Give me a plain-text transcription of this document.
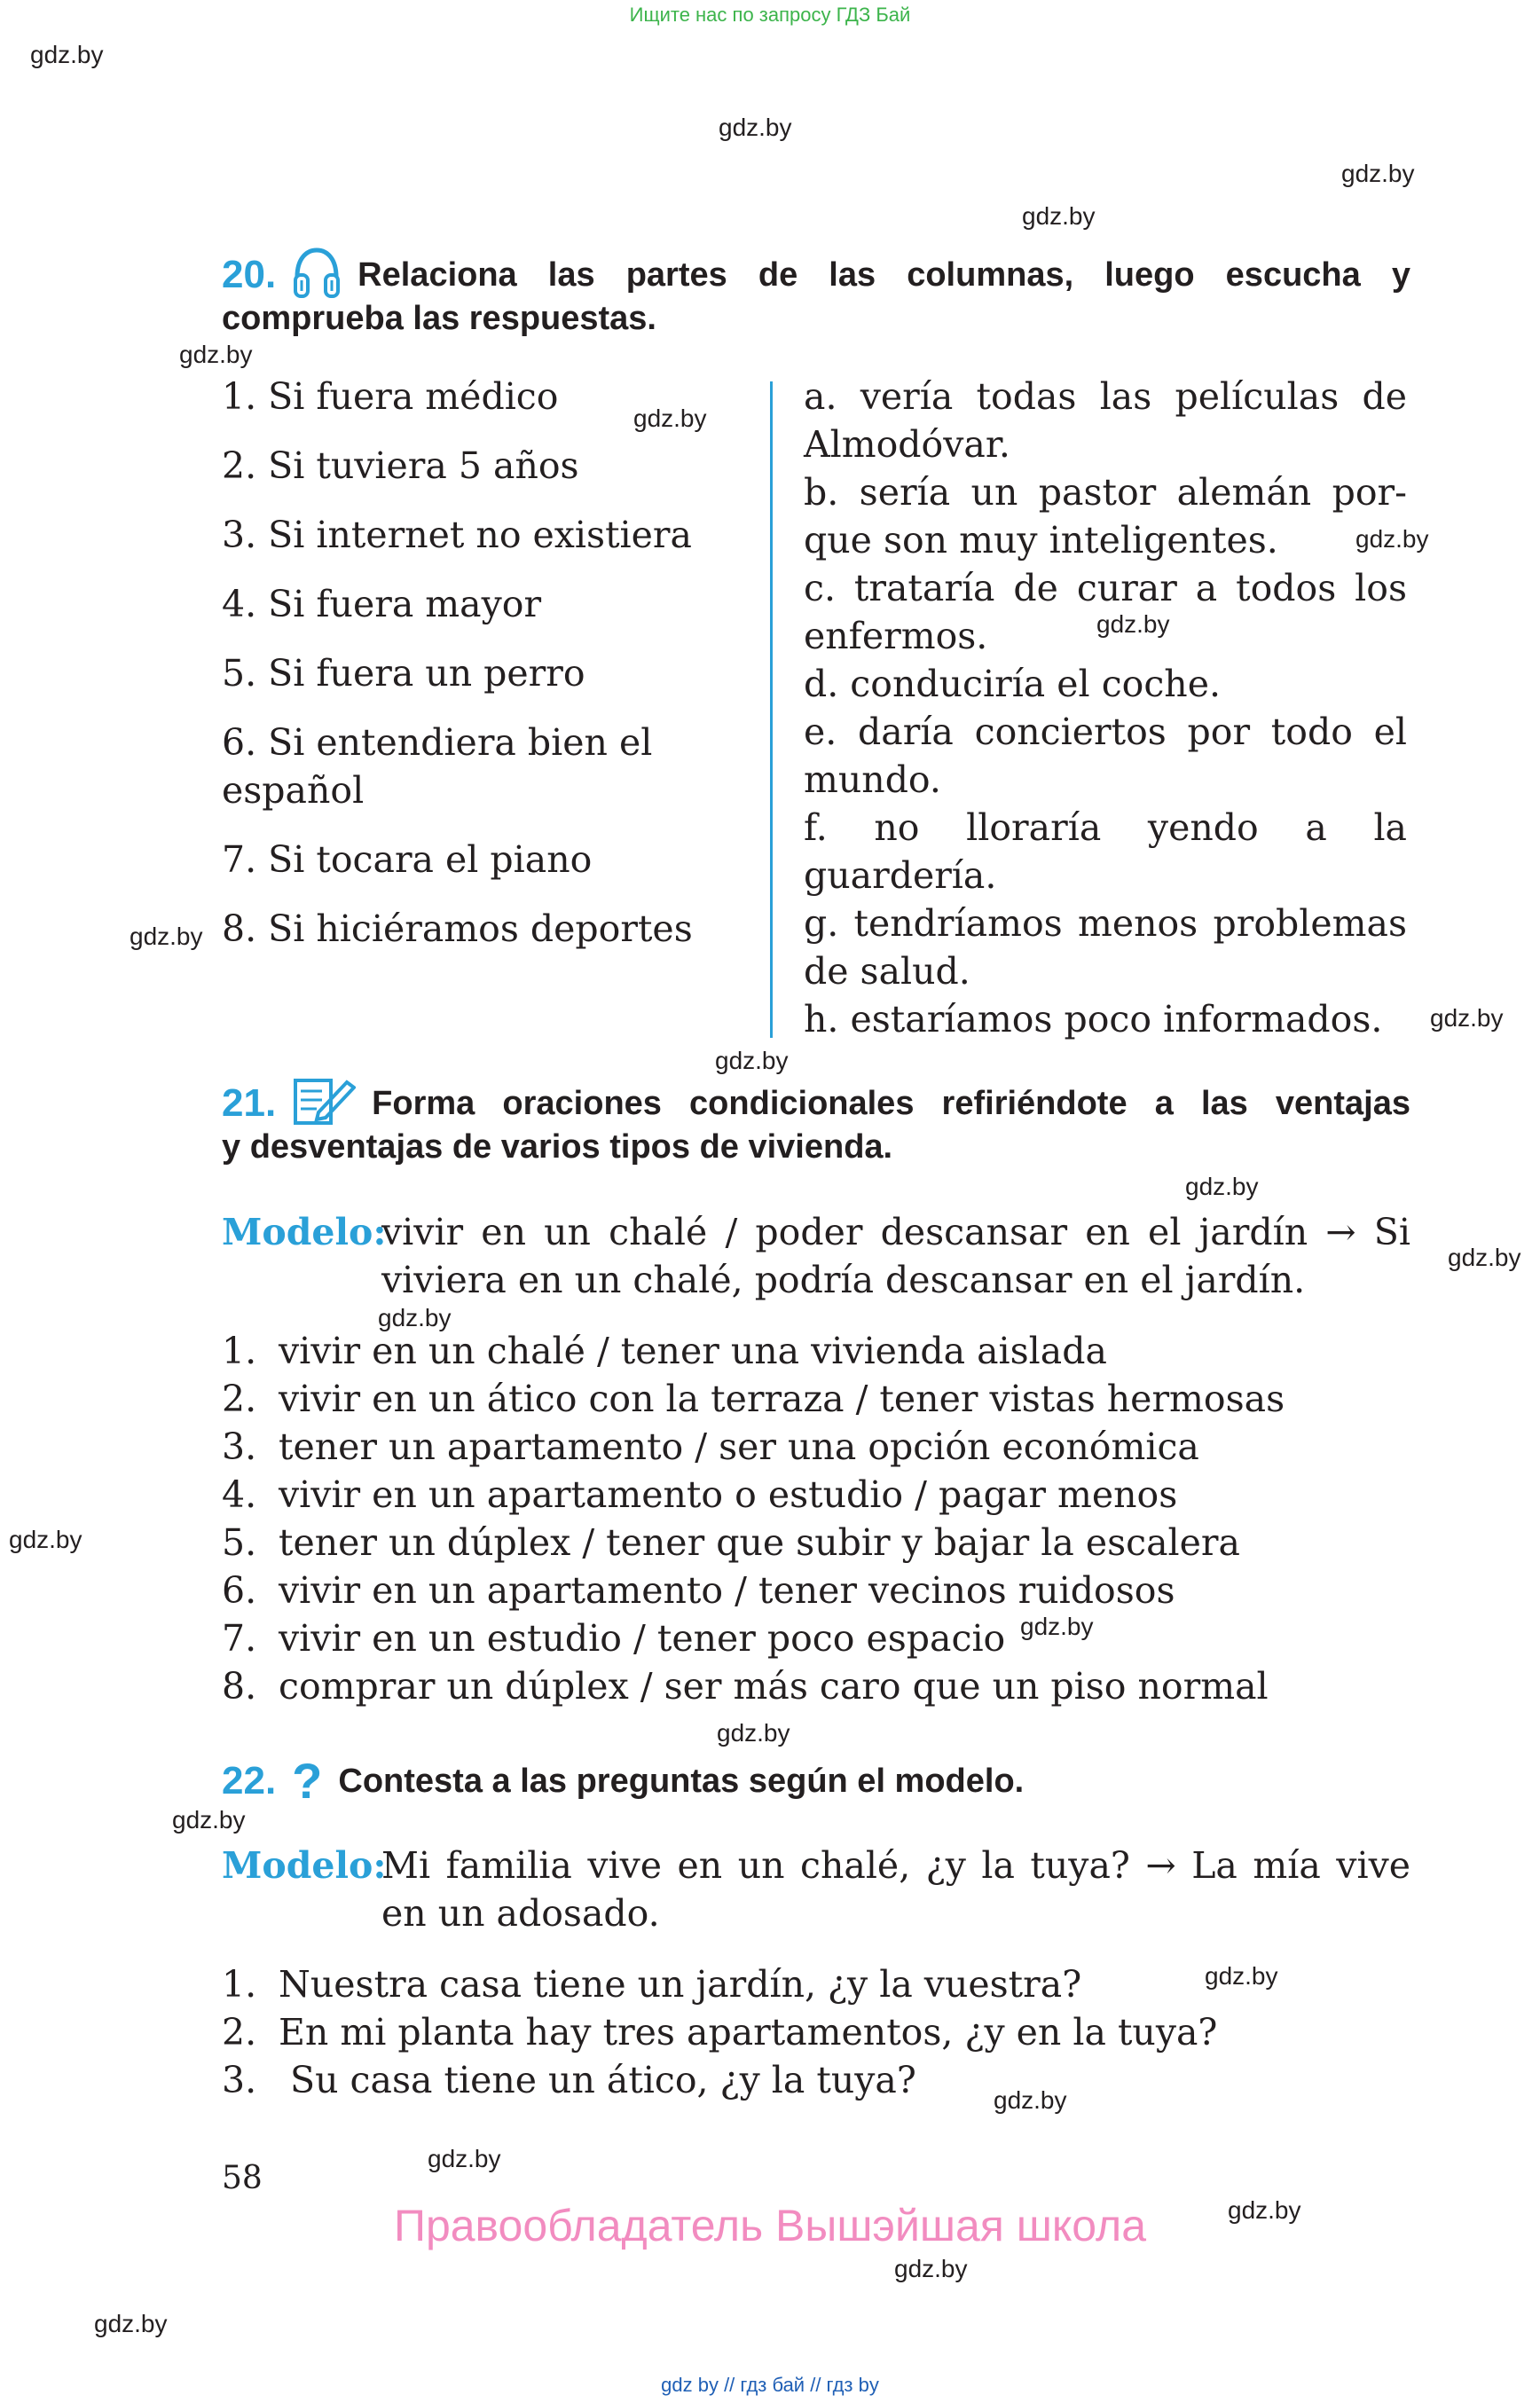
Ищите нас по запросу ГДЗ Бай
gdz.by
gdz.by
gdz.by
gdz.by
gdz.by
gdz.by
gdz.by
gdz.by
gdz.by
gdz.by
gdz.by
gdz.by
gdz.by
gdz.by
gdz.by
gdz.by
gdz.by
gdz.by
gdz.by
gdz.by
gdz.by
gdz.by
gdz.by
gdz.by
20. Relaciona las partes de las columnas, luego escucha y
comprueba las respuestas.
1. Si fuera médico
2. Si tuviera 5 años
3. Si internet no existiera
4. Si fuera mayor
5. Si fuera un perro
6. Si entendiera bien el
español
7. Si tocara el piano
8. Si hiciéramos deportes
a. vería todas las películas de
Almodóvar.
b. sería un pastor alemán por-
que son muy inteligentes.
c. trataría de curar a todos los
enfermos.
d. conduciría el coche.
e. daría conciertos por todo el
mundo.
f. no lloraría yendo a la
guardería.
g. tendríamos menos problemas
de salud.
h. estaríamos poco informados.
21.	Forma oraciones condicionales refiriéndote a las ventajas
y desventajas de varios tipos de vivienda.
Modelo:
vivir en un chalé / poder descansar en el jardín → Si
viviera en un chalé, podría descansar en el jardín.
1. vivir en un chalé / tener una vivienda aislada
2. vivir en un ático con la terraza / tener vistas hermosas
3. tener un apartamento / ser una opción económica
4. vivir en un apartamento o estudio / pagar menos
5. tener un dúplex / tener que subir y bajar la escalera
6. vivir en un apartamento / tener vecinos ruidosos
7. vivir en un estudio / tener poco espacio
8. comprar un dúplex / ser más caro que un piso normal
22. ? Contesta a las preguntas según el modelo.
Modelo:
Mi familia vive en un chalé, ¿y la tuya? → La mía vive
en un adosado.
1. Nuestra casa tiene un jardín, ¿y la vuestra?
2. En mi planta hay tres apartamentos, ¿y en la tuya?
3. Su casa tiene un ático, ¿y la tuya?
58
Правообладатель Вышэйшая школа
gdz by // гдз бай // гдз by
